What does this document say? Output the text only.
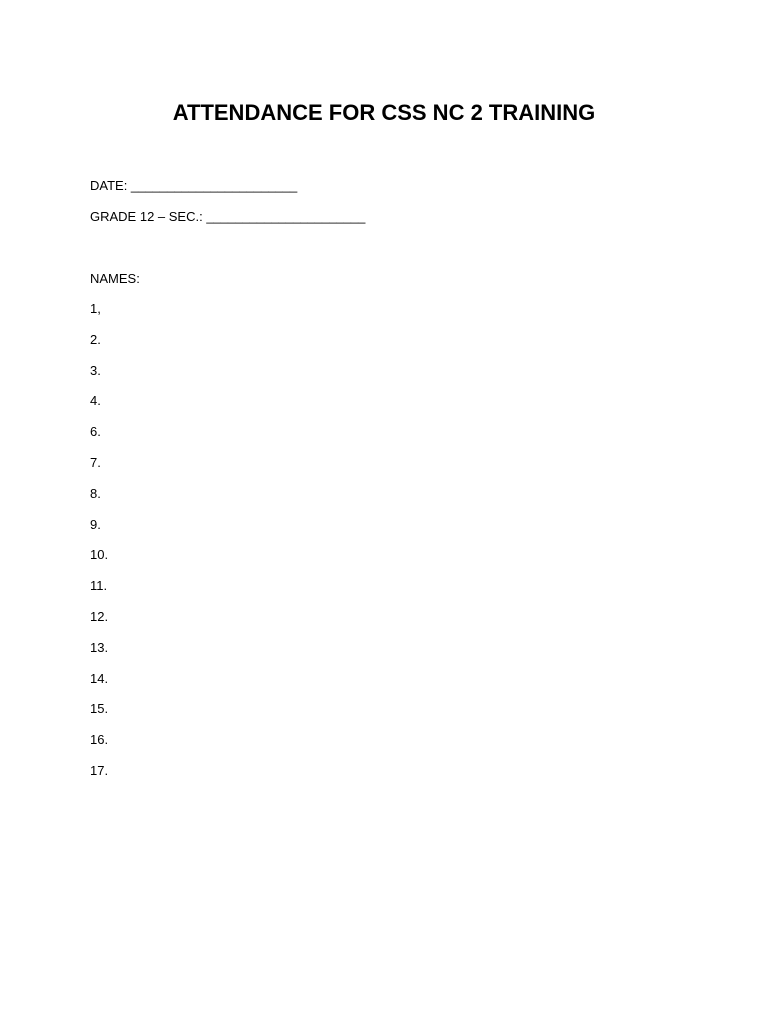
ATTENDANCE FOR CSS NC 2 TRAINING
DATE: _______________________
GRADE 12 – SEC.: ______________________
NAMES:
1,
2.
3.
4.
6.
7.
8.
9.
10.
11.
12.
13.
14.
15.
16.
17.
